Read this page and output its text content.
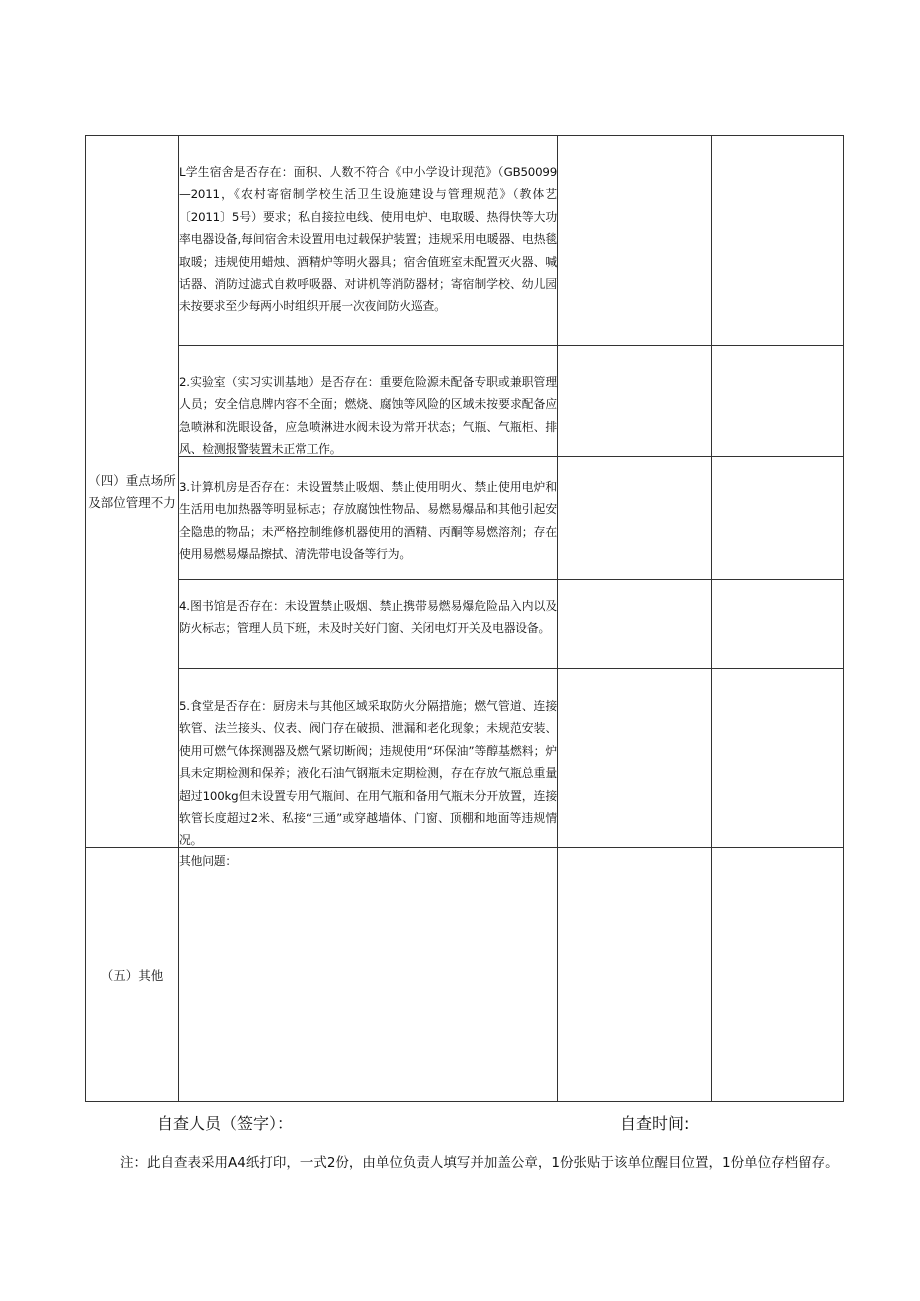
（四）重点场所及部位管理不力
（五）其他
L学生宿舍是否存在：面积、人数不符合《中小学设计现范》（GB50099—2011，《农村寄宿制学校生活卫生设施建设与管理规范》（教体艺〔2011〕5号）要求；私自接拉电线、使用电炉、电取暖、热得快等大功率电器设备,每间宿舍未设置用电过载保护装置；违规采用电暖器、电热毯取暖；违规使用蜡烛、酒精炉等明火器具；宿舍值班室未配置灭火器、喊话器、消防过滤式自救呼吸器、对讲机等消防器材；寄宿制学校、幼儿园未按要求至少每两小时组织开展一次夜间防火巡查。
2.实验室（实习实训基地）是否存在：重要危险源未配备专职或兼职管理人员；安全信息牌内容不全面；燃烧、腐蚀等风险的区域未按要求配备应急喷淋和洗眼设备，应急喷淋进水阀未设为常开状态；气瓶、气瓶柜、排风、检测报警装置未正常工作。
3.计算机房是否存在：未设置禁止吸烟、禁止使用明火、禁止使用电炉和生活用电加热器等明显标志；存放腐蚀性物品、易燃易爆品和其他引起安全隐患的物品；未严格控制维修机器使用的酒精、丙酮等易燃溶剂；存在使用易燃易爆品擦拭、清洗带电设备等行为。
4.图书馆是否存在：未设置禁止吸烟、禁止携带易燃易爆危险品入内以及防火标志；管理人员下班，未及时关好门窗、关闭电灯开关及电器设备。
5.食堂是否存在：厨房未与其他区域采取防火分隔措施；燃气管道、连接软管、法兰接头、仪表、阀门存在破损、泄漏和老化现象；未规范安装、使用可燃气体探测器及燃气紧切断阀；违规使用“环保油”等醇基燃料；炉具未定期检测和保养；液化石油气钢瓶未定期检测，存在存放气瓶总重量超过100kg但未设置专用气瓶间、在用气瓶和备用气瓶未分开放置，连接软管长度超过2米、私接“三通”或穿越墙体、门窗、顶棚和地面等违规情况。
其他问题：
自查人员（签字）：	自查时间:
注：此自查表采用A4纸打印，一式2份，由单位负责人填写并加盖公章，1份张贴于该单位醒目位置，1份单位存档留存。
